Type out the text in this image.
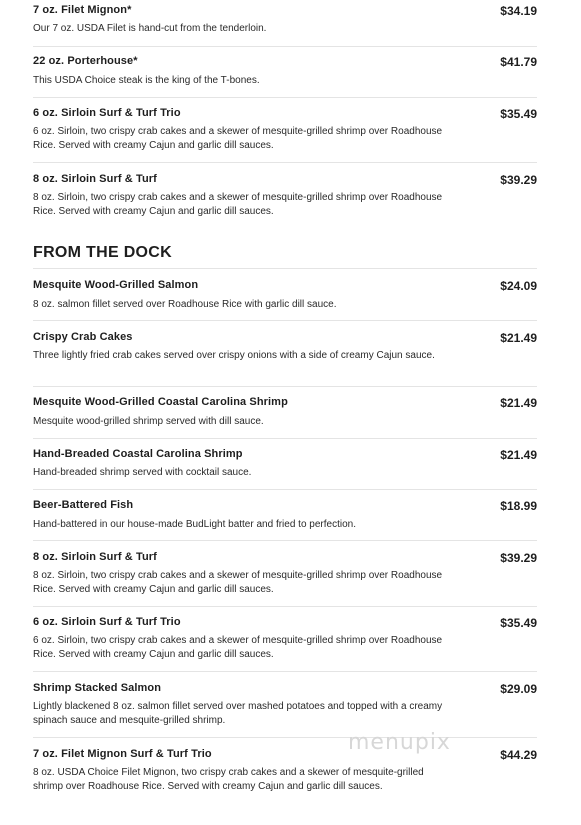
7 oz. Filet Mignon*	$34.19
Our 7 oz. USDA Filet is hand-cut from the tenderloin.
22 oz. Porterhouse*	$41.79
This USDA Choice steak is the king of the T-bones.
6 oz. Sirloin Surf & Turf Trio	$35.49
6 oz. Sirloin, two crispy crab cakes and a skewer of mesquite-grilled shrimp over Roadhouse Rice. Served with creamy Cajun and garlic dill sauces.
8 oz. Sirloin Surf & Turf	$39.29
8 oz. Sirloin, two crispy crab cakes and a skewer of mesquite-grilled shrimp over Roadhouse Rice. Served with creamy Cajun and garlic dill sauces.
FROM THE DOCK
Mesquite Wood-Grilled Salmon	$24.09
8 oz. salmon fillet served over Roadhouse Rice with garlic dill sauce.
Crispy Crab Cakes	$21.49
Three lightly fried crab cakes served over crispy onions with a side of creamy Cajun sauce.
Mesquite Wood-Grilled Coastal Carolina Shrimp	$21.49
Mesquite wood-grilled shrimp served with dill sauce.
Hand-Breaded Coastal Carolina Shrimp	$21.49
Hand-breaded shrimp served with cocktail sauce.
Beer-Battered Fish	$18.99
Hand-battered in our house-made BudLight batter and fried to perfection.
8 oz. Sirloin Surf & Turf	$39.29
8 oz. Sirloin, two crispy crab cakes and a skewer of mesquite-grilled shrimp over Roadhouse Rice. Served with creamy Cajun and garlic dill sauces.
6 oz. Sirloin Surf & Turf Trio	$35.49
6 oz. Sirloin, two crispy crab cakes and a skewer of mesquite-grilled shrimp over Roadhouse Rice. Served with creamy Cajun and garlic dill sauces.
Shrimp Stacked Salmon	$29.09
Lightly blackened 8 oz. salmon fillet served over mashed potatoes and topped with a creamy spinach sauce and mesquite-grilled shrimp.
7 oz. Filet Mignon Surf & Turf Trio	$44.29
8 oz. USDA Choice Filet Mignon, two crispy crab cakes and a skewer of mesquite-grilled shrimp over Roadhouse Rice. Served with creamy Cajun and garlic dill sauces.
menupix
